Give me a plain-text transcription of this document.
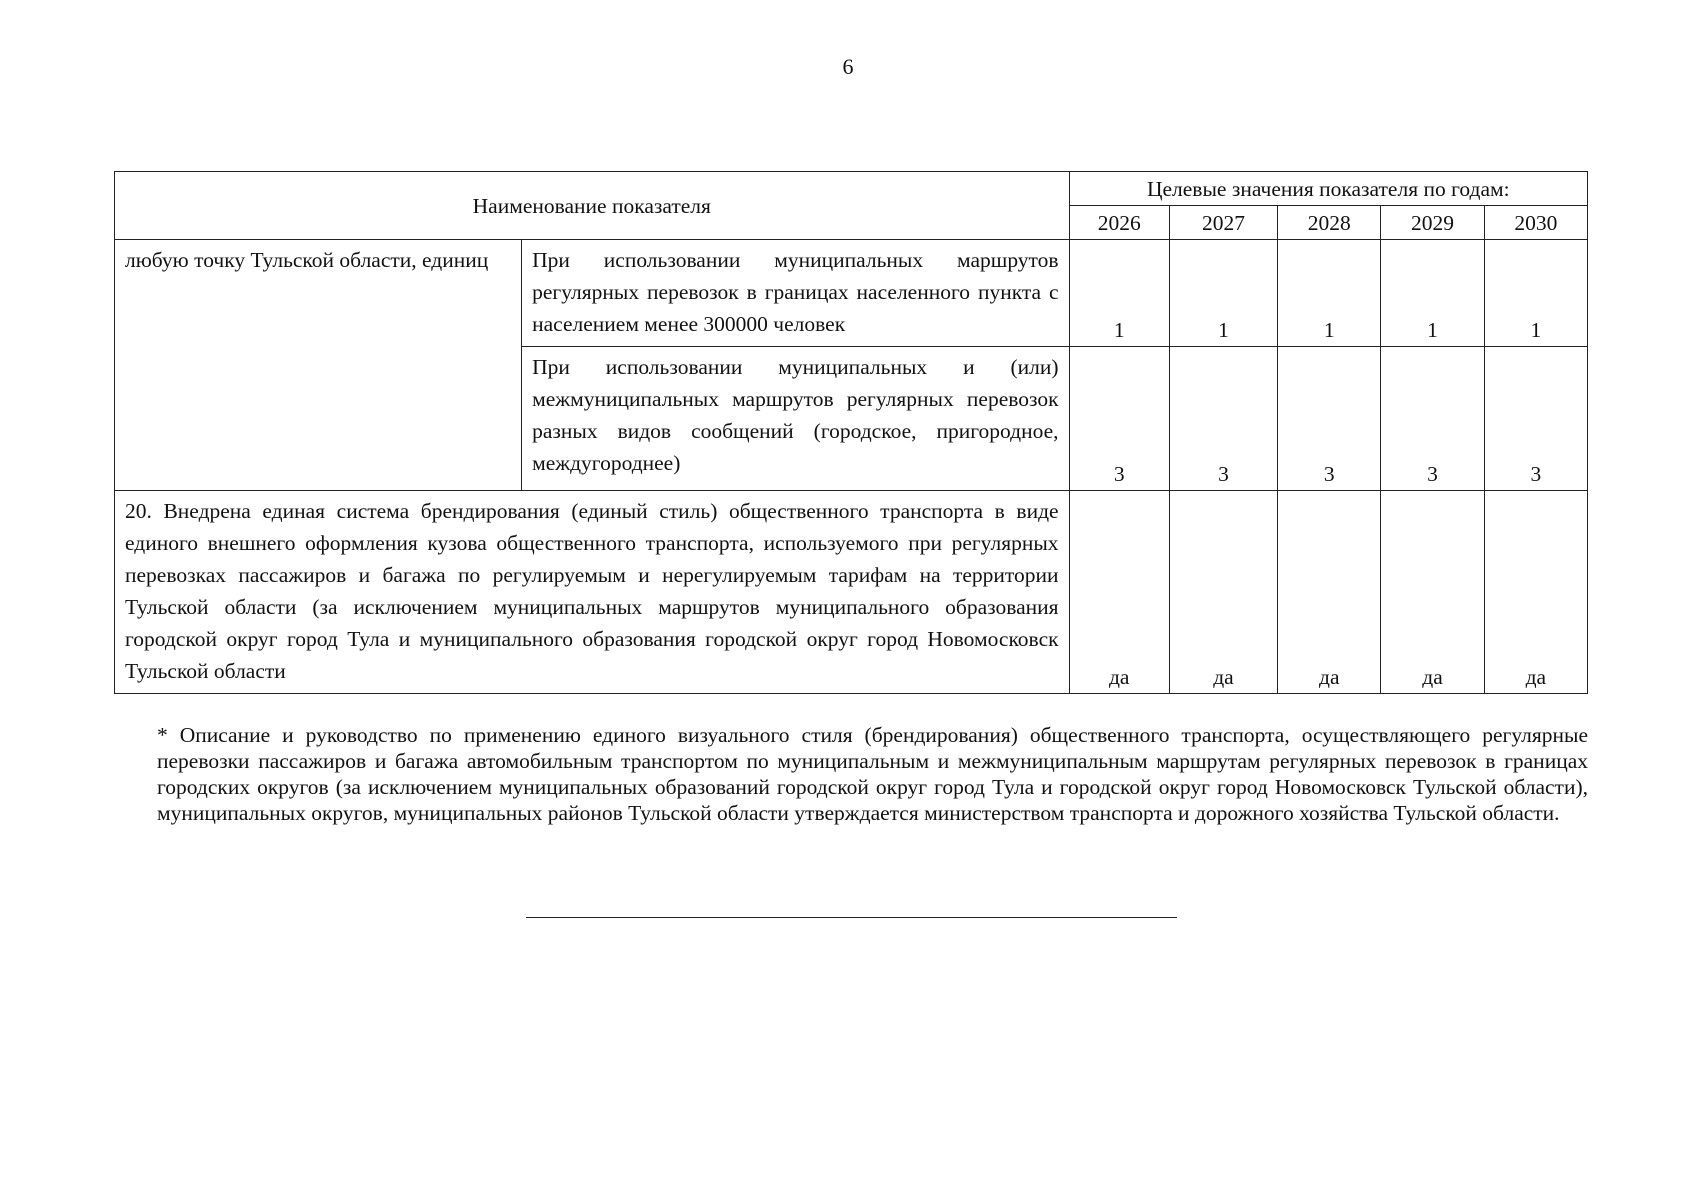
6
Наименование показателя		Целевые значения показателя по годам:				
		2026	2027	2028	2029	2030
любую точку Тульской области, единиц	При использовании муниципальных маршрутов регулярных перевозок в границах населенного пункта с населением менее 300000 человек	1	1	1	1	1
	При использовании муниципальных и (или) межмуниципальных маршрутов регулярных перевозок разных видов сообщений (городское, пригородное, междугороднее)	3	3	3	3	3
20. Внедрена единая система брендирования (единый стиль) общественного транспорта в виде единого внешнего оформления кузова общественного транспорта, используемого при регулярных перевозках пассажиров и багажа по регулируемым и нерегулируемым тарифам на территории Тульской области (за исключением муниципальных маршрутов муниципального образования городской округ город Тула и муниципального образования городской округ город Новомосковск Тульской области		да	да	да	да	да
* Описание и руководство по применению единого визуального стиля (брендирования) общественного транспорта, осуществляющего регулярные перевозки пассажиров и багажа автомобильным транспортом по муниципальным и межмуниципальным маршрутам регулярных перевозок в границах городских округов (за исключением муниципальных образований городской округ город Тула и городской округ город Новомосковск Тульской области), муниципальных округов, муниципальных районов Тульской области утверждается министерством транспорта и дорожного хозяйства Тульской области.
